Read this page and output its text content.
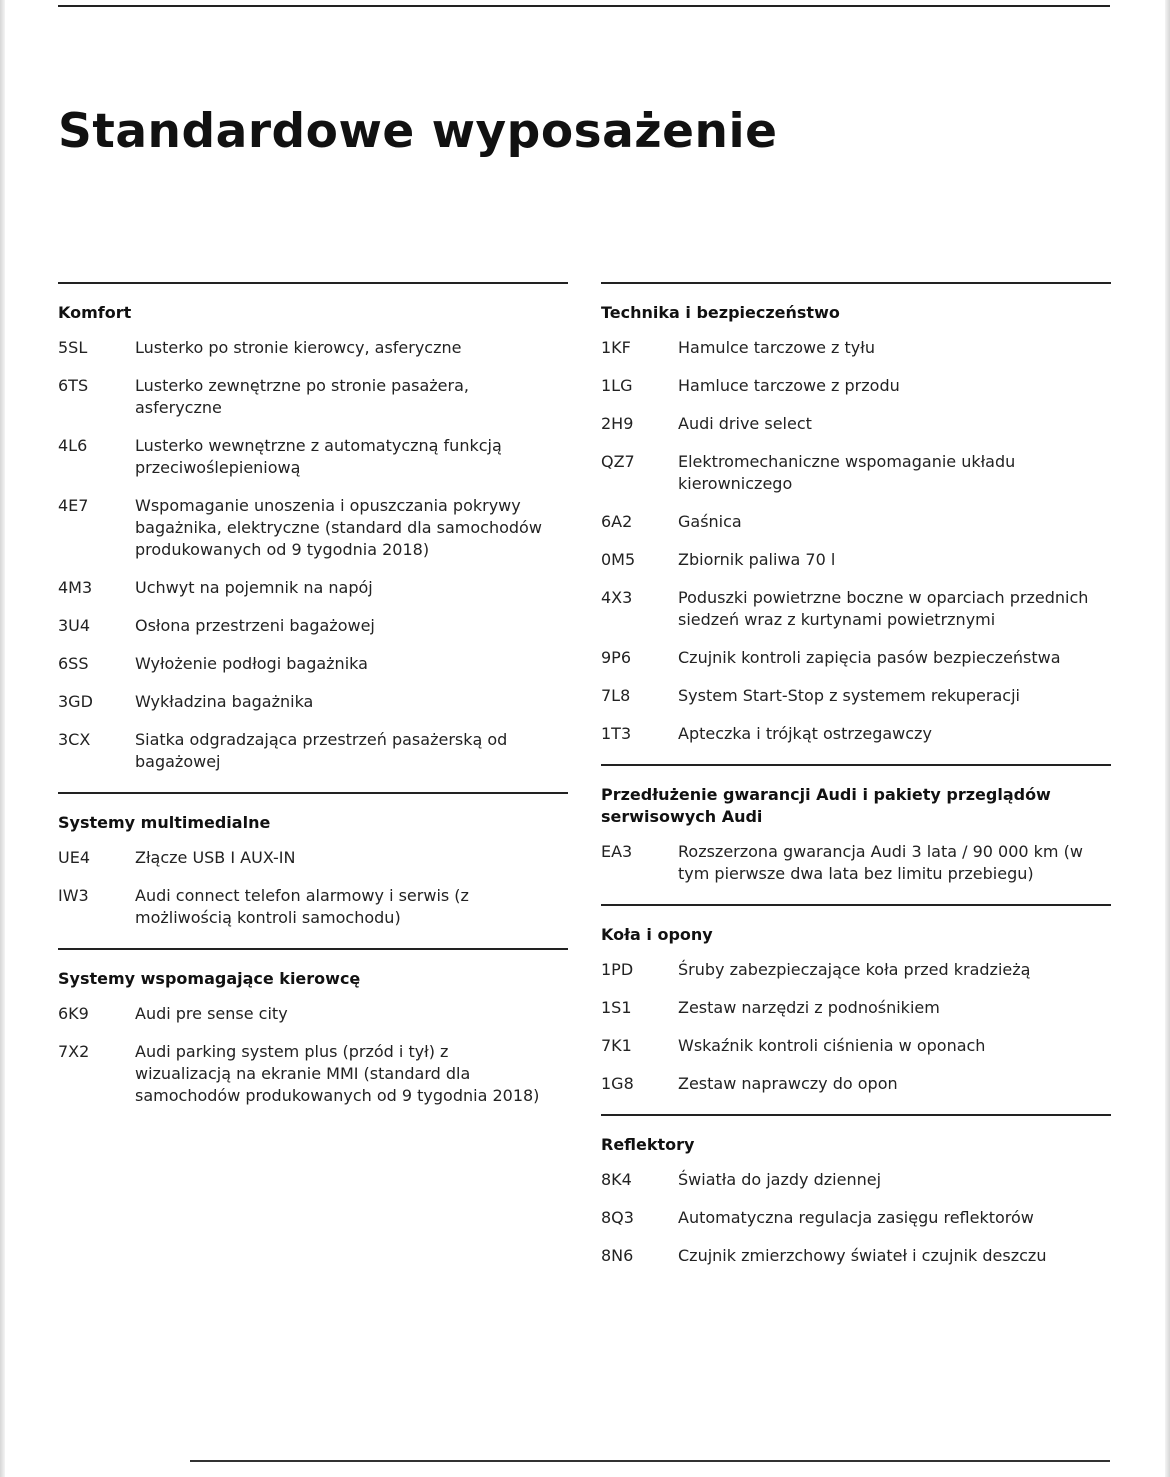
Standardowe wyposażenie
Komfort
5SL	Lusterko po stronie kierowcy, asferyczne
6TS	Lusterko zewnętrzne po stronie pasażera, asferyczne
4L6	Lusterko wewnętrzne z automatyczną funkcją przeciwoślepieniową
4E7	Wspomaganie unoszenia i opuszczania pokrywy bagażnika, elektryczne (standard dla samochodów produkowanych od 9 tygodnia 2018)
4M3	Uchwyt na pojemnik na napój
3U4	Osłona przestrzeni bagażowej
6SS	Wyłożenie podłogi bagażnika
3GD	Wykładzina bagażnika
3CX	Siatka odgradzająca przestrzeń pasażerską od bagażowej
Systemy multimedialne
UE4	Złącze USB I AUX-IN
IW3	Audi connect telefon alarmowy i serwis (z możliwością kontroli samochodu)
Systemy wspomagające kierowcę
6K9	Audi pre sense city
7X2	Audi parking system plus (przód i tył) z wizualizacją na ekranie MMI (standard dla samochodów produkowanych od 9 tygodnia 2018)
Technika i bezpieczeństwo
1KF	Hamulce tarczowe z tyłu
1LG	Hamluce tarczowe z przodu
2H9	Audi drive select
QZ7	Elektromechaniczne wspomaganie układu kierowniczego
6A2	Gaśnica
0M5	Zbiornik paliwa 70 l
4X3	Poduszki powietrzne boczne w oparciach przednich siedzeń wraz z kurtynami powietrznymi
9P6	Czujnik kontroli zapięcia pasów bezpieczeństwa
7L8	System Start-Stop z systemem rekuperacji
1T3	Apteczka i trójkąt ostrzegawczy
Przedłużenie gwarancji Audi i pakiety przeglądów serwisowych Audi
EA3	Rozszerzona gwarancja Audi 3 lata / 90 000 km (w tym pierwsze dwa lata bez limitu przebiegu)
Koła i opony
1PD	Śruby zabezpieczające koła przed kradzieżą
1S1	Zestaw narzędzi z podnośnikiem
7K1	Wskaźnik kontroli ciśnienia w oponach
1G8	Zestaw naprawczy do opon
Reflektory
8K4	Światła do jazdy dziennej
8Q3	Automatyczna regulacja zasięgu reflektorów
8N6	Czujnik zmierzchowy świateł i czujnik deszczu
